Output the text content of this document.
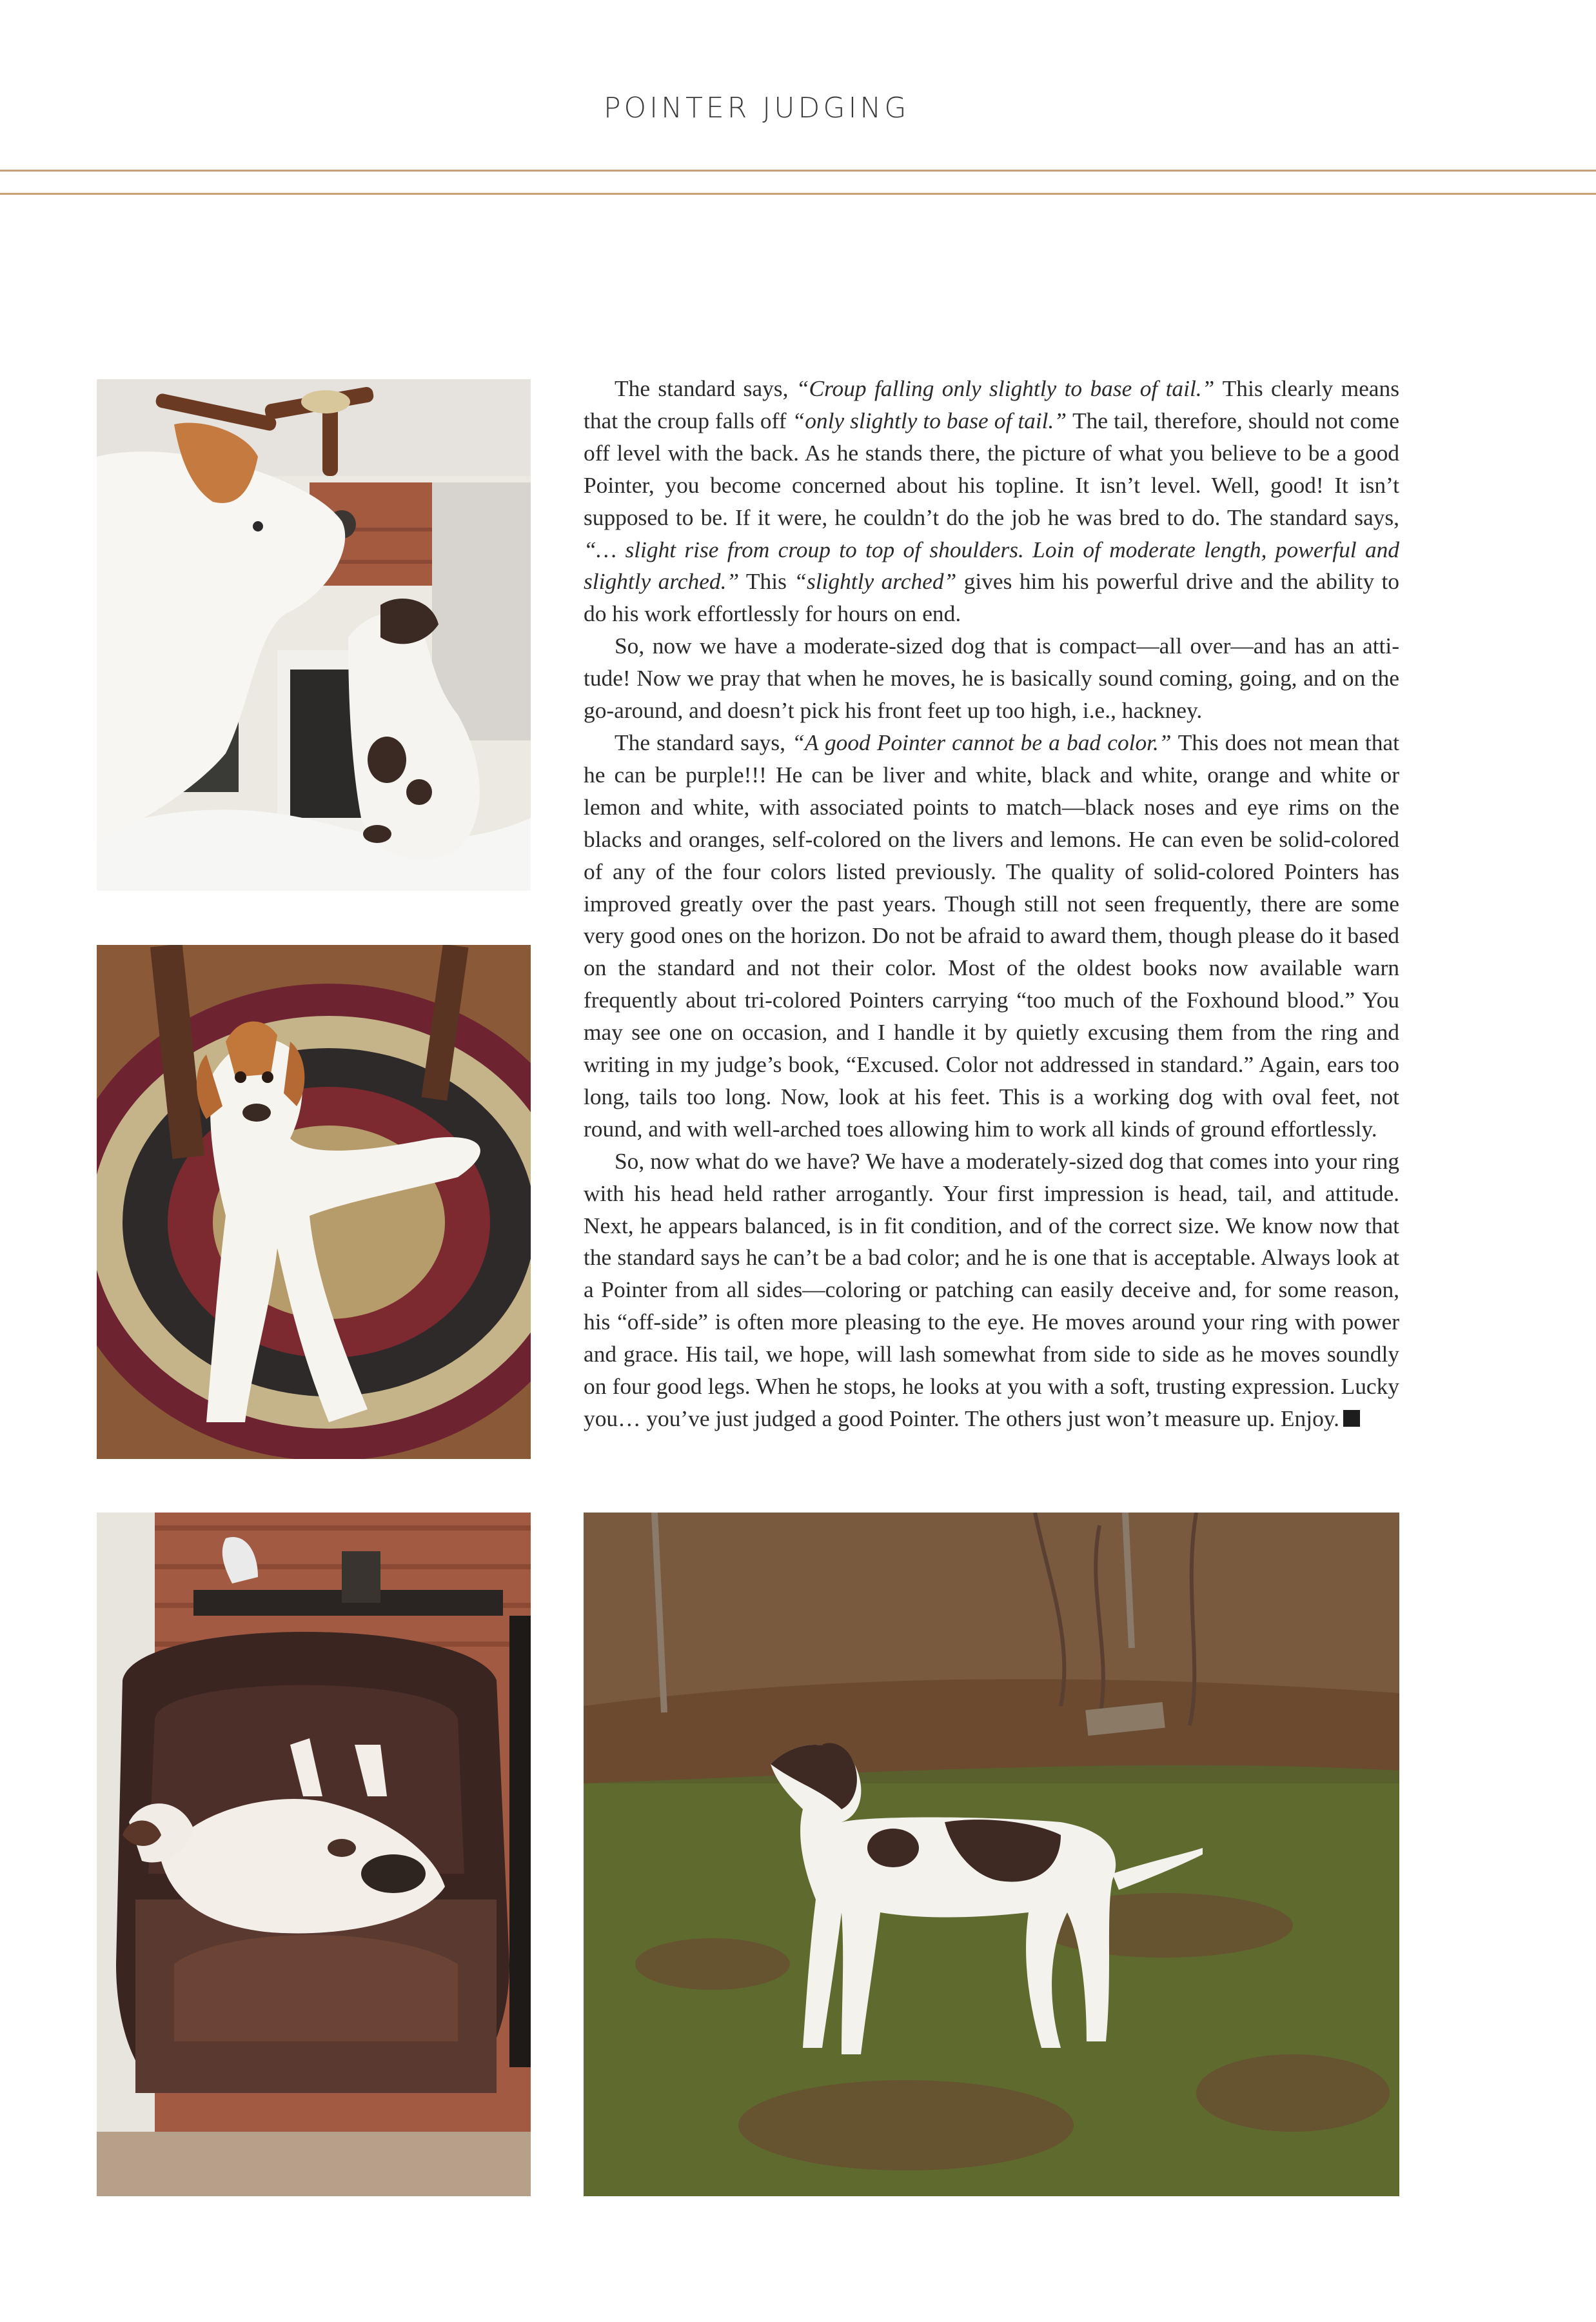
POINTER JUDGING

The standard says, “Croup falling only slightly to base of tail.” This clearly means that the croup falls off “only slightly to base of tail.” The tail, therefore, should not come off level with the back. As he stands there, the picture of what you believe to be a good Pointer, you become concerned about his topline. It isn’t level. Well, good! It isn’t supposed to be. If it were, he couldn’t do the job he was bred to do. The standard says, “… slight rise from croup to top of shoulders. Loin of moderate length, powerful and slightly arched.” This “slightly arched” gives him his powerful drive and the ability to do his work effortlessly for hours on end.

So, now we have a moderate-sized dog that is compact—all over—and has an attitude! Now we pray that when he moves, he is basically sound coming, going, and on the go-around, and doesn’t pick his front feet up too high, i.e., hackney.

The standard says, “A good Pointer cannot be a bad color.” This does not mean that he can be purple!!! He can be liver and white, black and white, orange and white or lemon and white, with associated points to match—black noses and eye rims on the blacks and oranges, self-colored on the livers and lemons. He can even be solid-colored of any of the four colors listed previously. The quality of solid-colored Pointers has improved greatly over the past years. Though still not seen frequently, there are some very good ones on the horizon. Do not be afraid to award them, though please do it based on the standard and not their color. Most of the oldest books now available warn frequently about tri-colored Pointers carrying “too much of the Foxhound blood.” You may see one on occasion, and I handle it by quietly excusing them from the ring and writing in my judge’s book, “Excused. Color not addressed in standard.” Again, ears too long, tails too long. Now, look at his feet. This is a working dog with oval feet, not round, and with well-arched toes allowing him to work all kinds of ground effortlessly.

So, now what do we have? We have a moderately-sized dog that comes into your ring with his head held rather arrogantly. Your first impression is head, tail, and attitude. Next, he appears balanced, is in fit condition, and of the correct size. We know now that the standard says he can’t be a bad color; and he is one that is acceptable. Always look at a Pointer from all sides—coloring or patching can easily deceive and, for some reason, his “off-side” is often more pleasing to the eye. He moves around your ring with power and grace. His tail, we hope, will lash somewhat from side to side as he moves soundly on four good legs. When he stops, he looks at you with a soft, trusting expression. Lucky you… you’ve just judged a good Pointer. The others just won’t measure up. Enjoy.
